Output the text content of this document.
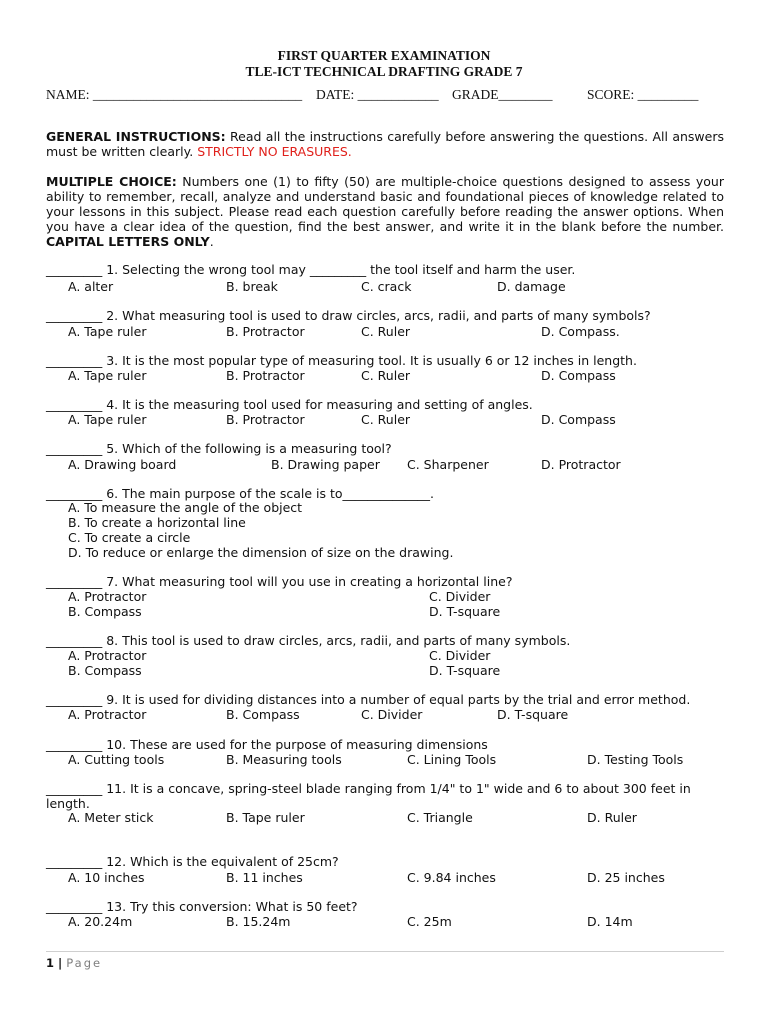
FIRST QUARTER EXAMINATION
TLE-ICT TECHNICAL DRAFTING GRADE 7
NAME: _______________________________ DATE: ____________ GRADE________	SCORE: _________
GENERAL INSTRUCTIONS: Read all the instructions carefully before answering the questions. All answers must be written clearly. STRICTLY NO ERASURES.
MULTIPLE CHOICE: Numbers one (1) to fifty (50) are multiple-choice questions designed to assess your ability to remember, recall, analyze and understand basic and foundational pieces of knowledge related to your lessons in this subject. Please read each question carefully before reading the answer options. When you have a clear idea of the question, find the best answer, and write it in the blank before the number. CAPITAL LETTERS ONLY.
_________ 1. Selecting the wrong tool may _________ the tool itself and harm the user.
A. alter	B. break	C. crack	D. damage
_________ 2. What measuring tool is used to draw circles, arcs, radii, and parts of many symbols?
A. Tape ruler	B. Protractor	C. Ruler	D. Compass.
_________ 3. It is the most popular type of measuring tool. It is usually 6 or 12 inches in length.
A. Tape ruler	B. Protractor	C. Ruler	D. Compass
_________ 4. It is the measuring tool used for measuring and setting of angles.
A. Tape ruler	B. Protractor	C. Ruler	D. Compass
_________ 5. Which of the following is a measuring tool?
A. Drawing board	B. Drawing paper C. Sharpener	D. Protractor
_________ 6. The main purpose of the scale is to______________.
A. To measure the angle of the object
B. To create a horizontal line
C. To create a circle
D. To reduce or enlarge the dimension of size on the drawing.
_________ 7. What measuring tool will you use in creating a horizontal line?
A. Protractor	C. Divider
B. Compass	D. T-square
_________ 8. This tool is used to draw circles, arcs, radii, and parts of many symbols.
A. Protractor	C. Divider
B. Compass	D. T-square
_________ 9. It is used for dividing distances into a number of equal parts by the trial and error method.
A. Protractor	B. Compass	C. Divider	D. T-square
_________ 10. These are used for the purpose of measuring dimensions
A. Cutting tools	B. Measuring tools	C. Lining Tools	D. Testing Tools
_________ 11. It is a concave, spring-steel blade ranging from 1/4" to 1" wide and 6 to about 300 feet in length.
A. Meter stick	B. Tape ruler	C. Triangle	D. Ruler
_________ 12. Which is the equivalent of 25cm?
A. 10 inches	B. 11 inches	C. 9.84 inches	D. 25 inches
_________ 13. Try this conversion: What is 50 feet?
A. 20.24m	B. 15.24m	C. 25m	D. 14m
1 | Page
